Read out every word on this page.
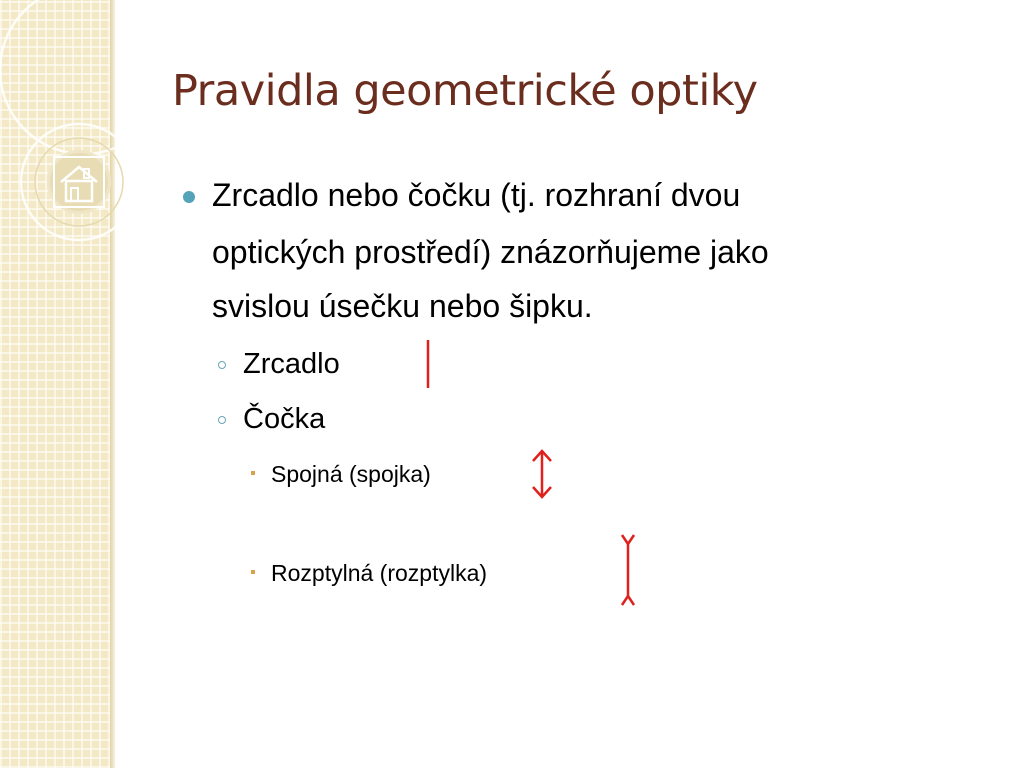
Pravidla geometrické optiky

Zrcadlo nebo čočku (tj. rozhraní dvou

optických prostředí) znázorňujeme jako

svislou úsečku nebo šipku.

Zrcadlo

Čočka

Spojná (spojka)

Rozptylná (rozptylka)
